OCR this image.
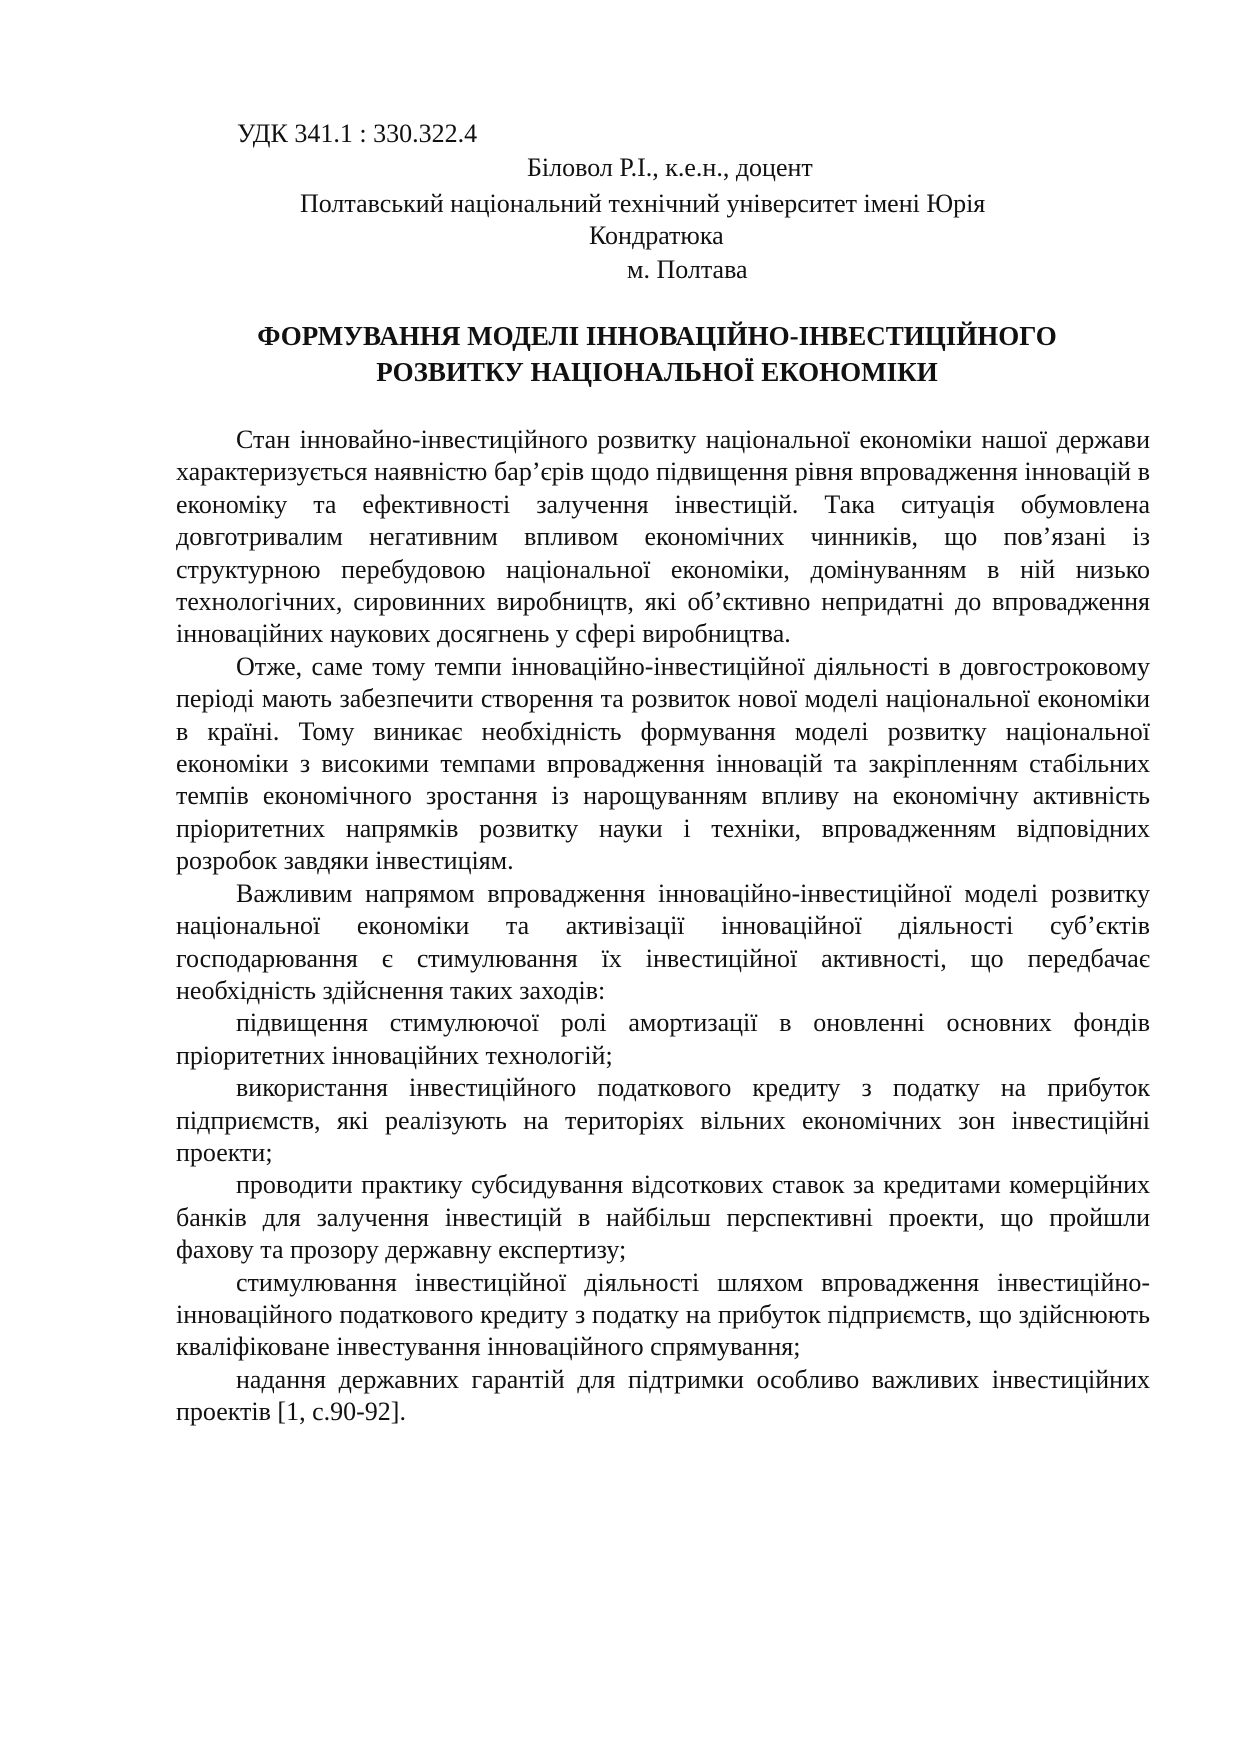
УДК 341.1 : 330.322.4
Біловол Р.І., к.е.н., доцент
Полтавський національний технічний університет імені Юрія
Кондратюка
м. Полтава
ФОРМУВАННЯ МОДЕЛІ ІННОВАЦІЙНО-ІНВЕСТИЦІЙНОГО
РОЗВИТКУ НАЦІОНАЛЬНОЇ ЕКОНОМІКИ

Стан інновайно-інвестиційного розвитку національної економіки нашої держави характеризується наявністю бар’єрів щодо підвищення рівня впровадження інновацій в економіку та ефективності залучення інвестицій. Така ситуація обумовлена довготривалим негативним впливом економічних чинників, що пов’язані із структурною перебудовою національної економіки, домінуванням в ній низько технологічних, сировинних виробництв, які об’єктивно непридатні до впровадження інноваційних наукових досягнень у сфері виробництва.

Отже, саме тому темпи інноваційно-інвестиційної діяльності в довгостроковому періоді мають забезпечити створення та розвиток нової моделі національної економіки в країні. Тому виникає необхідність формування моделі розвитку національної економіки з високими темпами впровадження інновацій та закріпленням стабільних темпів економічного зростання із нарощуванням впливу на економічну активність пріоритетних напрямків розвитку науки і техніки, впровадженням відповідних розробок завдяки інвестиціям.

Важливим напрямом впровадження інноваційно-інвестиційної моделі розвитку національної економіки та активізації інноваційної діяльності суб’єктів господарювання є стимулювання їх інвестиційної активності, що передбачає необхідність здійснення таких заходів:

підвищення стимулюючої ролі амортизації в оновленні основних фондів пріоритетних інноваційних технологій;

використання інвестиційного податкового кредиту з податку на прибуток підприємств, які реалізують на територіях вільних економічних зон інвестиційні проекти;

проводити практику субсидування відсоткових ставок за кредитами комерційних банків для залучення інвестицій в найбільш перспективні проекти, що пройшли фахову та прозору державну експертизу;

стимулювання інвестиційної діяльності шляхом впровадження інвестиційно-інноваційного податкового кредиту з податку на прибуток підприємств, що здійснюють кваліфіковане інвестування інноваційного спрямування;

надання державних гарантій для підтримки особливо важливих інвестиційних проектів [1, с.90-92].
